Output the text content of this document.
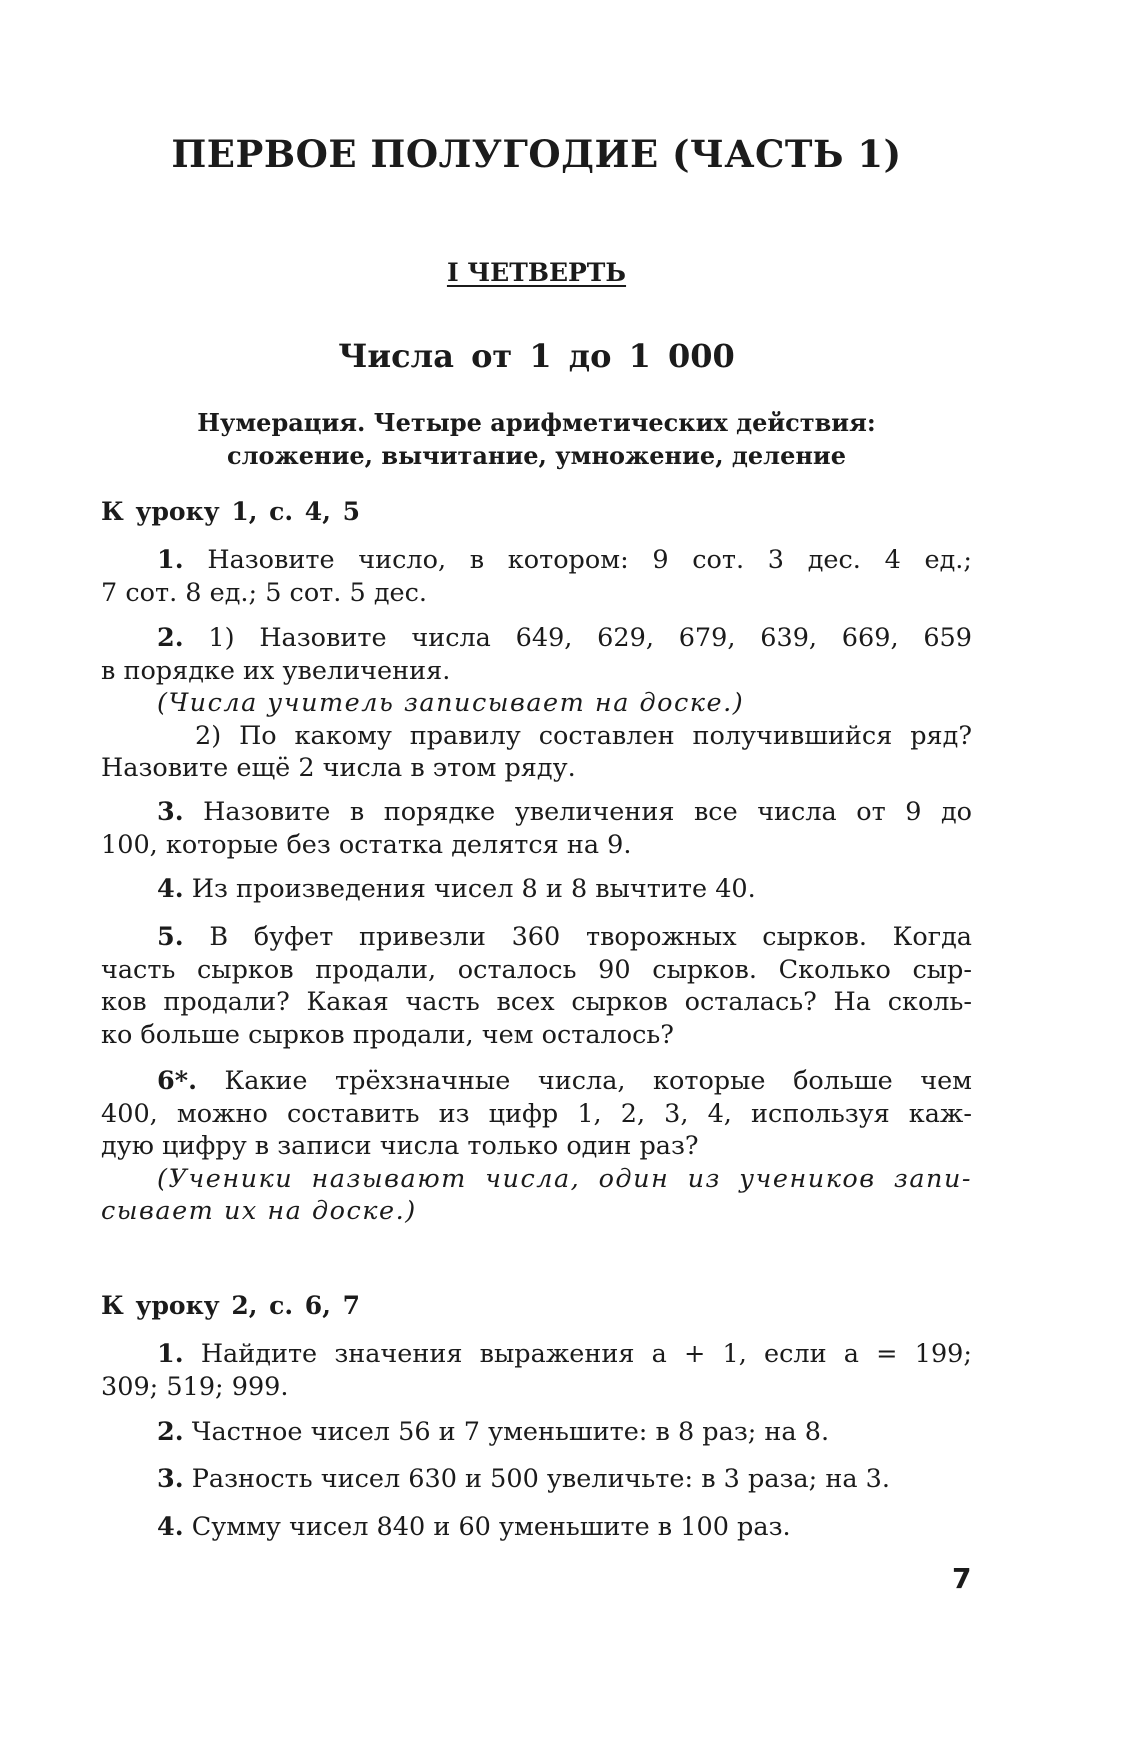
ПЕРВОЕ ПОЛУГОДИЕ (ЧАСТЬ 1)
I ЧЕТВЕРТЬ
Числа от 1 до 1 000
Нумерация. Четыре арифметических действия:
сложение, вычитание, умножение, деление
К уроку 1, с. 4, 5
1. Назовите число, в котором: 9 сот. 3 дес. 4 ед.;
7 сот. 8 ед.; 5 сот. 5 дес.
2. 1) Назовите числа 649, 629, 679, 639, 669, 659
в порядке их увеличения.
(Числа учитель записывает на доске.)
2) По какому правилу составлен получившийся ряд?
Назовите ещё 2 числа в этом ряду.
3. Назовите в порядке увеличения все числа от 9 до
100, которые без остатка делятся на 9.
4. Из произведения чисел 8 и 8 вычтите 40.
5. В буфет привезли 360 творожных сырков. Когда
часть сырков продали, осталось 90 сырков. Сколько сыр-
ков продали? Какая часть всех сырков осталась? На сколь-
ко больше сырков продали, чем осталось?
6*. Какие трёхзначные числа, которые больше чем
400, можно составить из цифр 1, 2, 3, 4, используя каж-
дую цифру в записи числа только один раз?
(Ученики называют числа, один из учеников запи-
сывает их на доске.)
К уроку 2, с. 6, 7
1. Найдите значения выражения а + 1, если а = 199;
309; 519; 999.
2. Частное чисел 56 и 7 уменьшите: в 8 раз; на 8.
3. Разность чисел 630 и 500 увеличьте: в 3 раза; на 3.
4. Сумму чисел 840 и 60 уменьшите в 100 раз.
7
